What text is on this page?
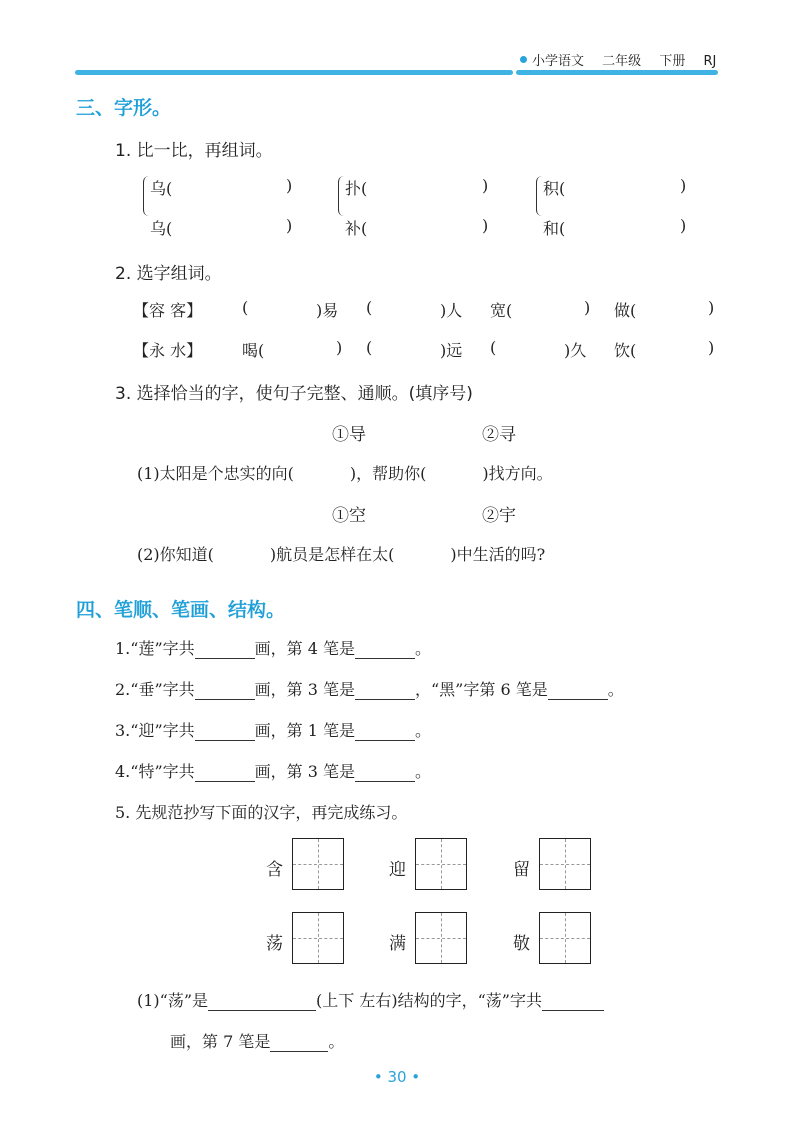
小学语文 二年级 下册 RJ
三、字形。
1. 比一比，再组词。
乌(	)
乌(	)
扑(	)
补(	)
积(	)
和(	)
2. 选字组词。
【容 客】 (	)易 (	)人 宽(	) 做(	)
【永 水】 喝(	) (	)远 (	)久 饮(	)
3. 选择恰当的字，使句子完整、通顺。(填序号)
①导	②寻
(1)太阳是个忠实的向(	)，帮助你(	)找方向。
①空	②宇
(2)你知道(	)航员是怎样在太(	)中生活的吗?
四、笔顺、笔画、结构。
1.“莲”字共	画，第 4 笔是	。
2.“垂”字共	画，第 3 笔是	，“黑”字第 6 笔是	。
3.“迎”字共	画，第 1 笔是	。
4.“特”字共	画，第 3 笔是	。
5. 先规范抄写下面的汉字，再完成练习。
含	迎	留
荡	满	敬
(1)“荡”是	(上下 左右)结构的字，“荡”字共
画，第 7 笔是	。
• 30 •
